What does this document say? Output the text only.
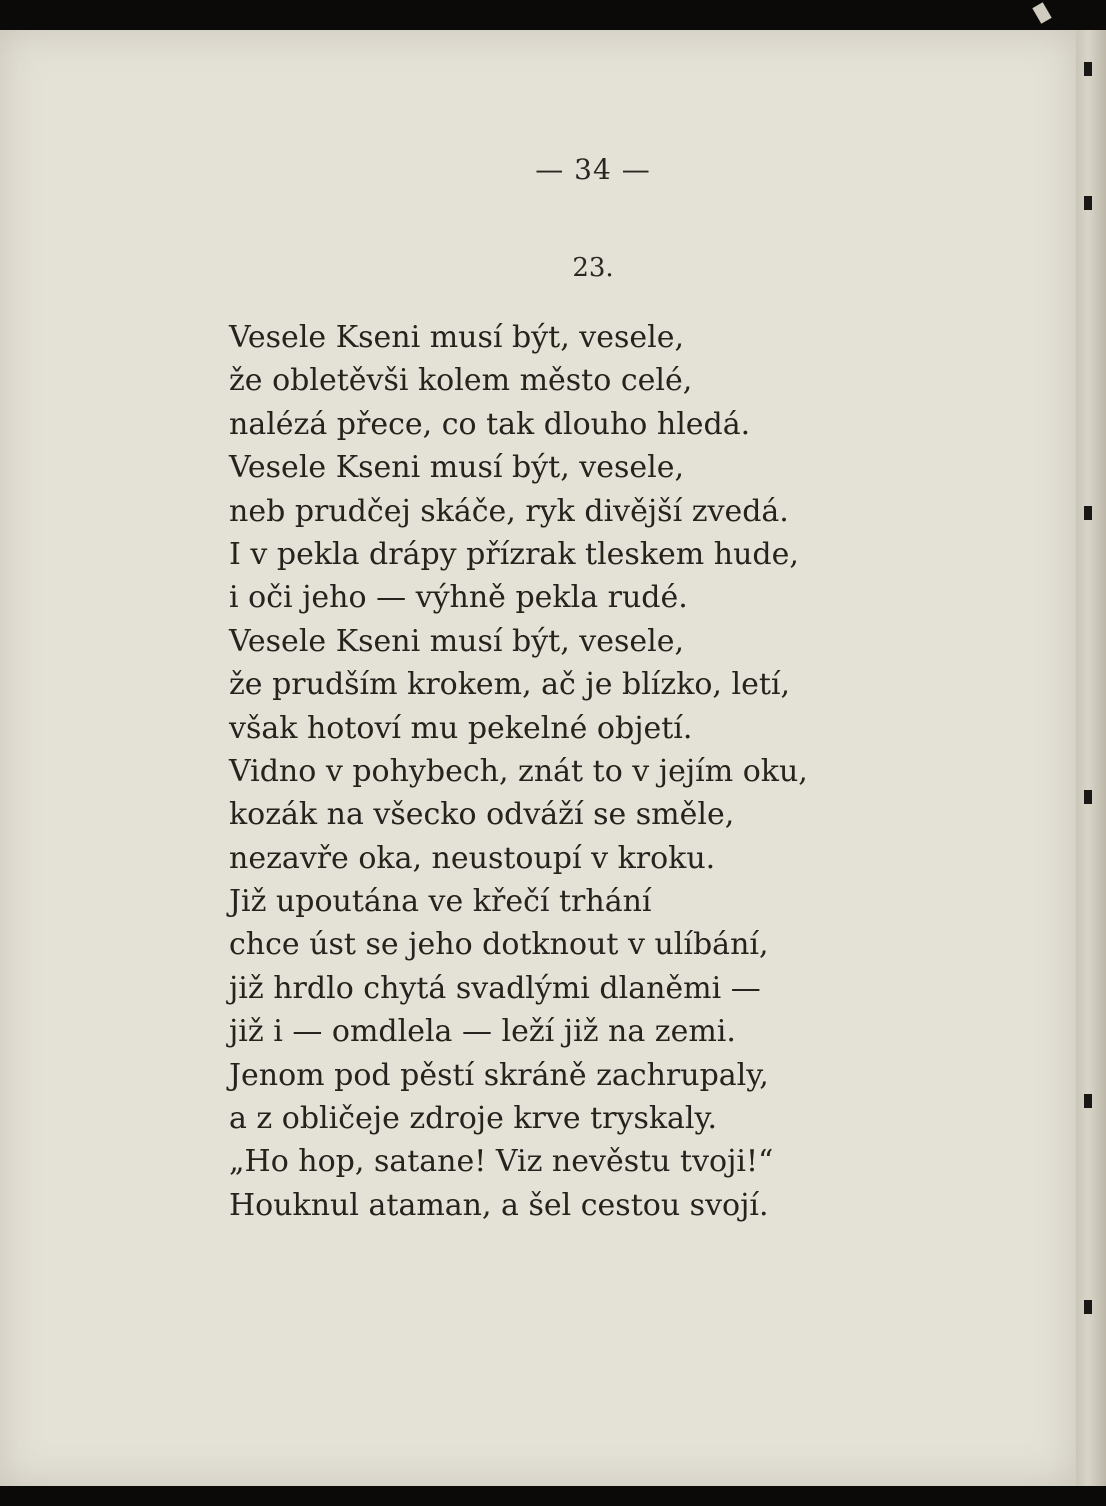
— 34 —
23.
Vesele Kseni musí být, vesele,
že obletěvši kolem město celé,
nalézá přece, co tak dlouho hledá.
Vesele Kseni musí být, vesele,
neb prudčej skáče, ryk divější zvedá.
I v pekla drápy přízrak tleskem hude,
i oči jeho — výhně pekla rudé.
Vesele Kseni musí být, vesele,
že prudším krokem, ač je blízko, letí,
však hotoví mu pekelné objetí.
Vidno v pohybech, znát to v jejím oku,
kozák na všecko odváží se směle,
nezavře oka, neustoupí v kroku.
Již upoutána ve křečí trhání
chce úst se jeho dotknout v ulíbání,
již hrdlo chytá svadlými dlaněmi —
již i — omdlela — leží již na zemi.
Jenom pod pěstí skráně zachrupaly,
a z obličeje zdroje krve tryskaly.
„Ho hop, satane! Viz nevěstu tvoji!“
Houknul ataman, a šel cestou svojí.
